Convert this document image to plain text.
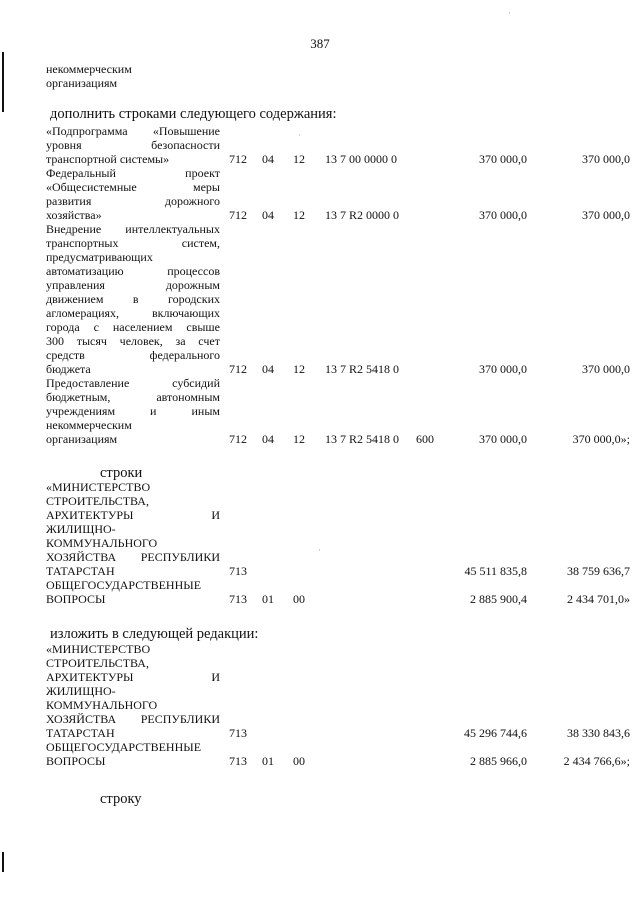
387
некоммерческим
организациям
дополнить строками следующего содержания:
«Подпрограмма «Повышение
уровня безопасности
транспортной системы»	712 04 12 13 7 00 0000 0	370 000,0	370 000,0
Федеральный проект
«Общесистемные меры
развития дорожного
хозяйства»	712 04 12 13 7 R2 0000 0	370 000,0	370 000,0
Внедрение интеллектуальных
транспортных систем,
предусматривающих
автоматизацию процессов
управления дорожным
движением в городских
агломерациях, включающих
города с населением свыше
300 тысяч человек, за счет
средств федерального
бюджета	712 04 12 13 7 R2 5418 0	370 000,0	370 000,0
Предоставление субсидий
бюджетным, автономным
учреждениям и иным
некоммерческим
организациям	712 04 12 13 7 R2 5418 0 600	370 000,0	370 000,0»;
строки
«МИНИСТЕРСТВО
СТРОИТЕЛЬСТВА,
АРХИТЕКТУРЫ И
ЖИЛИЩНО-
КОММУНАЛЬНОГО
ХОЗЯЙСТВА РЕСПУБЛИКИ
ТАТАРСТАН	713	45 511 835,8	38 759 636,7
ОБЩЕГОСУДАРСТВЕННЫЕ
ВОПРОСЫ	713 01 00	2 885 900,4	2 434 701,0»
изложить в следующей редакции:
«МИНИСТЕРСТВО
СТРОИТЕЛЬСТВА,
АРХИТЕКТУРЫ И
ЖИЛИЩНО-
КОММУНАЛЬНОГО
ХОЗЯЙСТВА РЕСПУБЛИКИ
ТАТАРСТАН	713	45 296 744,6	38 330 843,6
ОБЩЕГОСУДАРСТВЕННЫЕ
ВОПРОСЫ	713 01 00	2 885 966,0	2 434 766,6»;
строку
·
·
·
